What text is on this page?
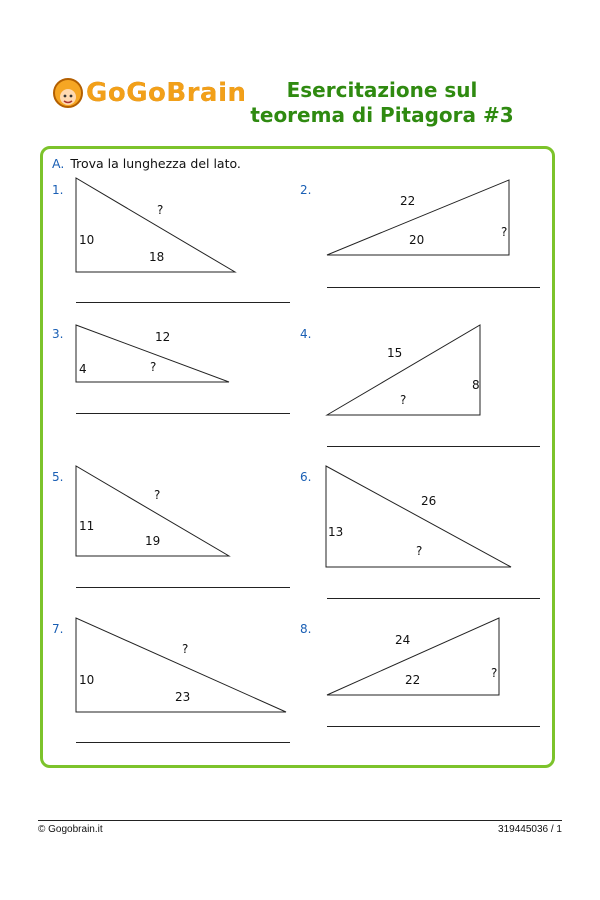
GoGoBrain	Esercitazione sul
teorema di Pitagora #3
A. Trova la lunghezza del lato.
1.	2.
3.	4.
5.	6.
7.	8.
?
10
18
22
20
?
12
4	?
15
8
?
?
11
19
26
13
?
?
10
23
24
22	?
© Gogobrain.it	319445036 / 1
